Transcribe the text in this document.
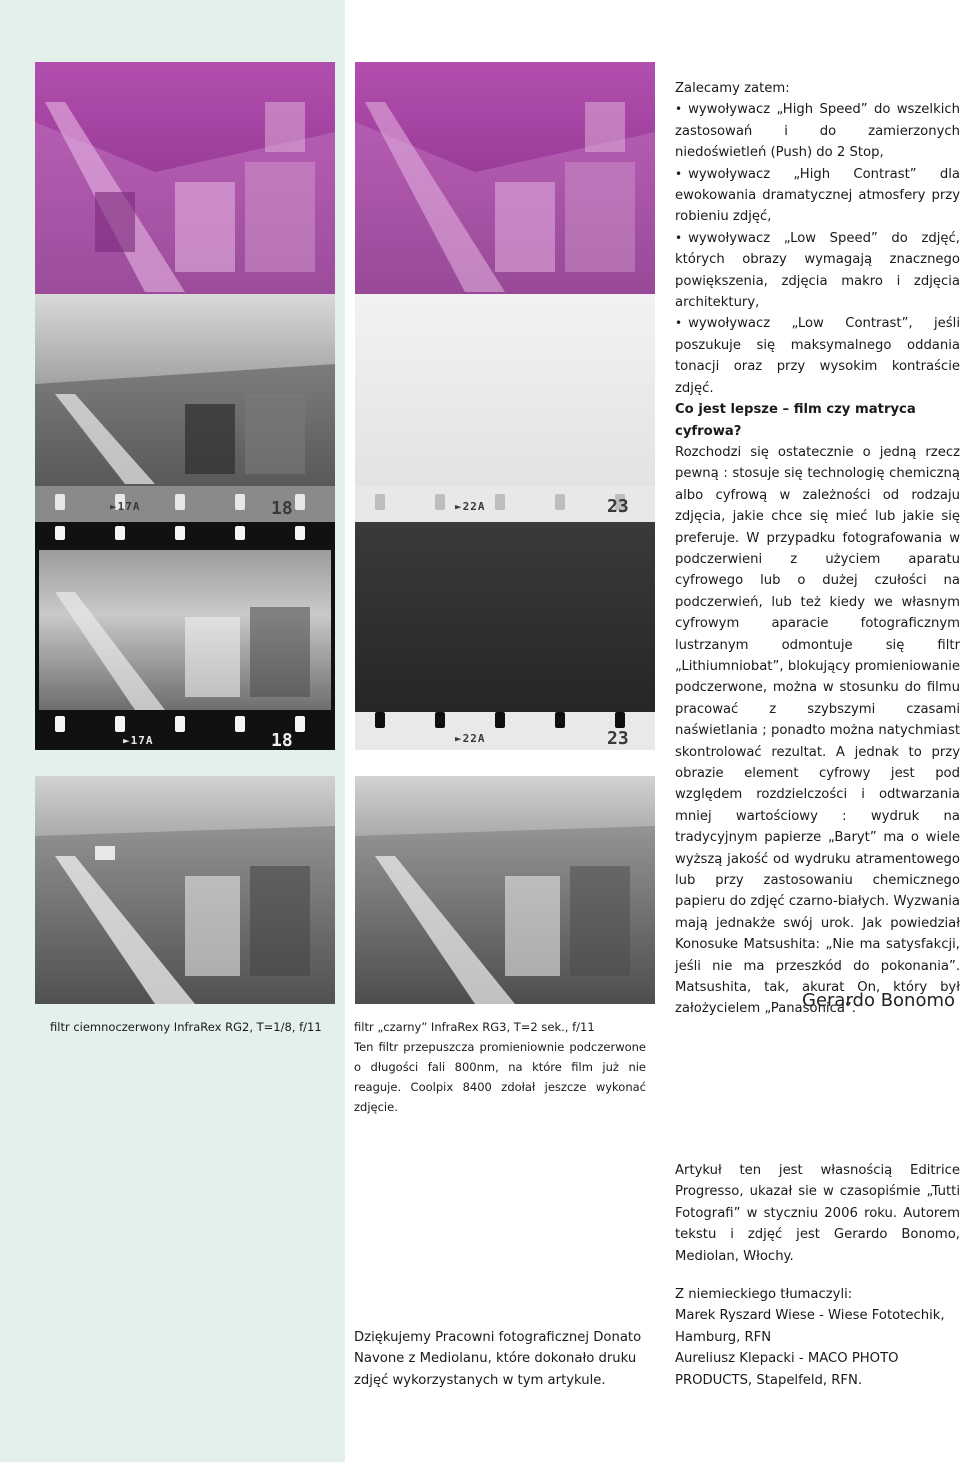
►17A	18	►22A	23
►17A	18	►22A	23

Zalecamy zatem:

• wywoływacz „High Speed” do wszelkich zastosowań i do zamierzonych niedoświetleń (Push) do 2 Stop,

• wywoływacz „High Contrast” dla ewokowania dramatycznej atmosfery przy robieniu zdjęć,

• wywoływacz „Low Speed” do zdjęć, których obrazy wymagają znacznego powiększenia, zdjęcia makro i zdjęcia architektury,

• wywoływacz „Low Contrast”, jeśli poszukuje się maksymalnego oddania tonacji oraz przy wysokim kontraście zdjęć.

Co jest lepsze – film czy matryca cyfrowa?

Rozchodzi się ostatecznie o jedną rzecz pewną : stosuje się technologię chemiczną albo cyfrową w zależności od rodzaju zdjęcia, jakie chce się mieć lub jakie się preferuje. W przypadku fotografowania w podczerwieni z użyciem aparatu cyfrowego lub o dużej czułości na podczerwień, lub też kiedy we własnym cyfrowym aparacie fotograficznym lustrzanym odmontuje się filtr „Lithiumniobat”, blokujący promieniowanie podczerwone, można w stosunku do filmu pracować z szybszymi czasami naświetlania ; ponadto można natychmiast skontrolować rezultat. A jednak to przy obrazie element cyfrowy jest pod względem rozdzielczości i odtwarzania mniej wartościowy : wydruk na tradycyjnym papierze „Baryt” ma o wiele wyższą jakość od wydruku atramentowego lub przy zastosowaniu chemicznego papieru do zdjęć czarno-białych. Wyzwania mają jednakże swój urok. Jak powiedział Konosuke Matsushita: „Nie ma satysfakcji, jeśli nie ma przeszkód do pokonania”. Matsushita, tak, akurat On, który był założycielem „Panasonica”.

Gerardo Bonomo
filtr ciemnoczerwony InfraRex RG2, T=1/8, f/11	filtr „czarny” InfraRex RG3, T=2 sek., f/11
Ten filtr przepuszcza promieniownie podczerwone o długości fali 800nm, na które film już nie reaguje. Coolpix 8400 zdołał jeszcze wykonać zdjęcie.
Artykuł ten jest własnością Editrice Progresso, ukazał sie w czasopiśmie „Tutti Fotografi” w styczniu 2006 roku. Autorem tekstu i zdjęć jest Gerardo Bonomo, Mediolan, Włochy.

Z niemieckiego tłumaczyli:

Marek Ryszard Wiese - Wiese Fototechik, Hamburg, RFN

Aureliusz Klepacki - MACO PHOTO PRODUCTS, Stapelfeld, RFN.

Dziękujemy Pracowni fotograficznej Donato Navone z Mediolanu, które dokonało druku zdjęć wykorzystanych w tym artykule.
